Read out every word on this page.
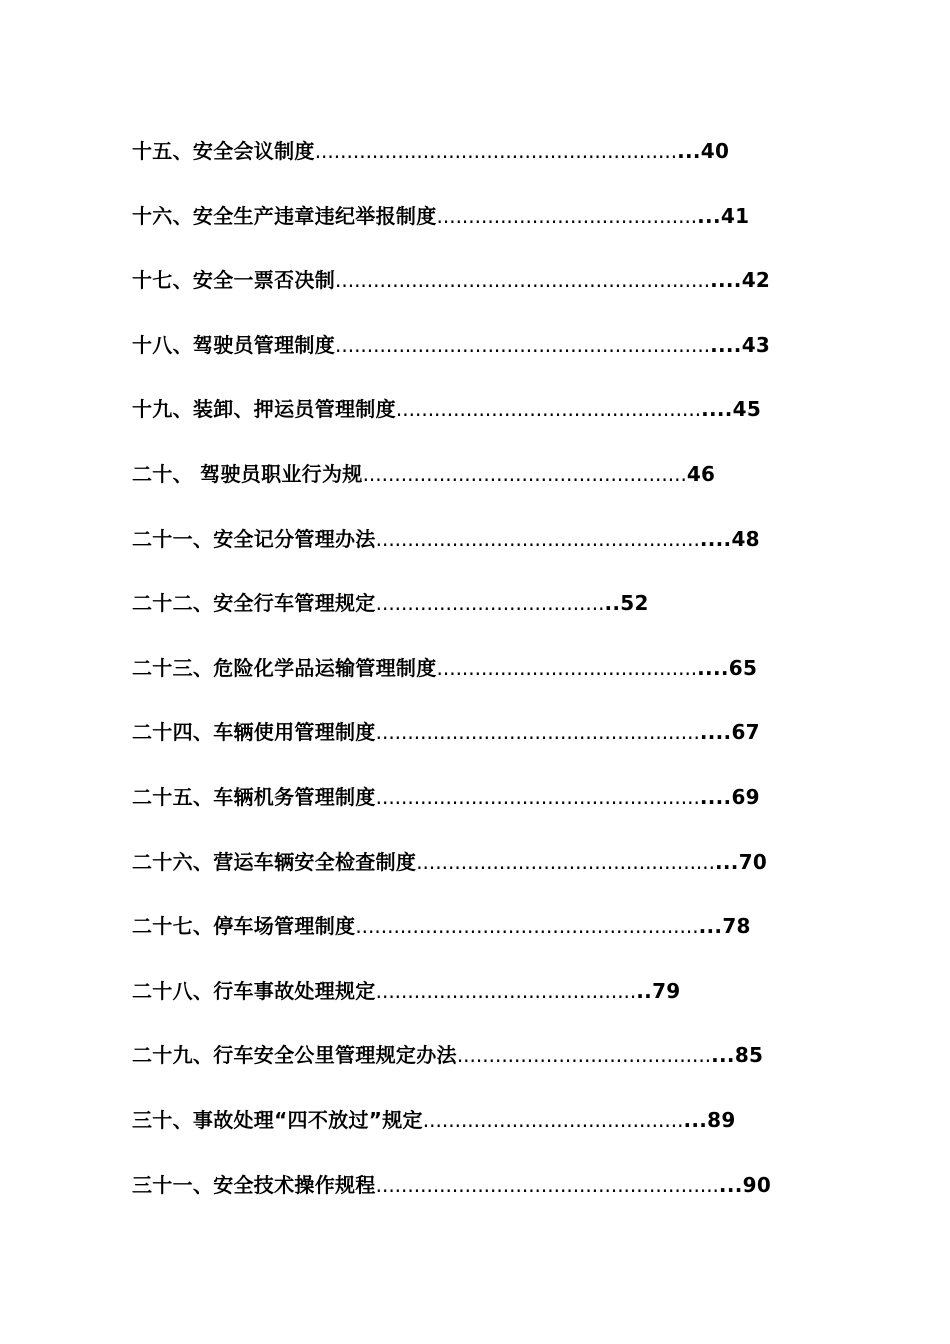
十五、安全会议制度............................................................40
十六、安全生产违章违纪举报制度............................................41
十七、安全一票否决制...............................................................42
十八、驾驶员管理制度...............................................................43
十九、装卸、押运员管理制度....................................................45
二十、 驾驶员职业行为规...................................................46
二十一、安全记分管理办法.......................................................48
二十二、安全行车管理规定......................................52
二十三、危险化学品运输管理制度.............................................65
二十四、车辆使用管理制度.......................................................67
二十五、车辆机务管理制度.......................................................69
二十六、营运车辆安全检查制度..................................................70
二十七、停车场管理制度.........................................................78
二十八、行车事故处理规定...........................................79
二十九、行车安全公里管理规定办法...........................................85
三十、事故处理“四不放过”规定............................................89
三十一、安全技术操作规程.........................................................90
